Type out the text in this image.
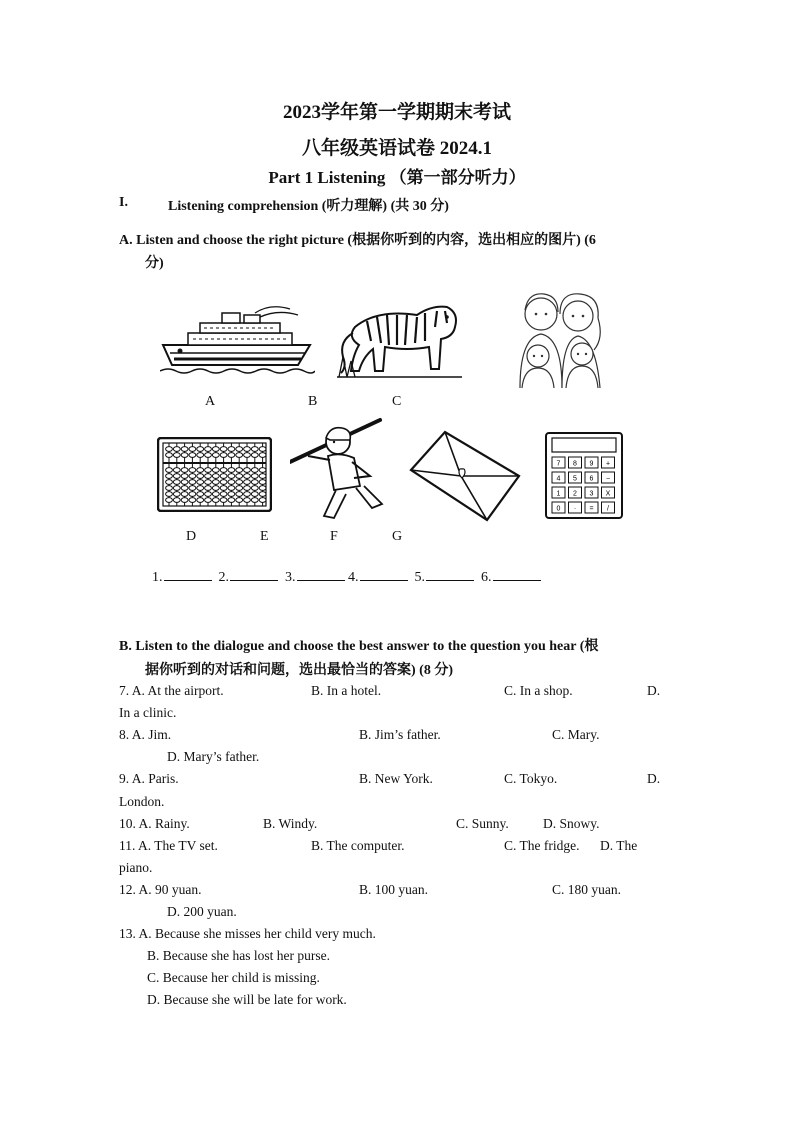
2023学年第一学期期末考试
八年级英语试卷 2024.1
Part 1 Listening （第一部分听力）
I.	Listening comprehension (听力理解) (共 30 分)
A. Listen and choose the right picture (根据你听到的内容，选出相应的图片) (6
分)
A	B	C
7 8 9 +
4 5 6 −
1 2 3 X
0 · = /
D	E	F	G
1.	2.	3.	4.	5.	6.
B. Listen to the dialogue and choose the best answer to the question you hear (根
据你听到的对话和问题，选出最恰当的答案) (8 分)
7. A. At the airport.	B. In a hotel.	C. In a shop.	D.
In a clinic.
8. A. Jim.	B. Jim’s father.	C. Mary.
D. Mary’s father.
9. A. Paris.	B. New York.	C. Tokyo.	D.
London.
10. A. Rainy.	B. Windy.	C. Sunny.	D. Snowy.
11. A. The TV set.	B. The computer.	C. The fridge. D. The
piano.
12. A. 90 yuan.	B. 100 yuan.	C. 180 yuan.
D. 200 yuan.
13. A. Because she misses her child very much.
B. Because she has lost her purse.
C. Because her child is missing.
D. Because she will be late for work.
